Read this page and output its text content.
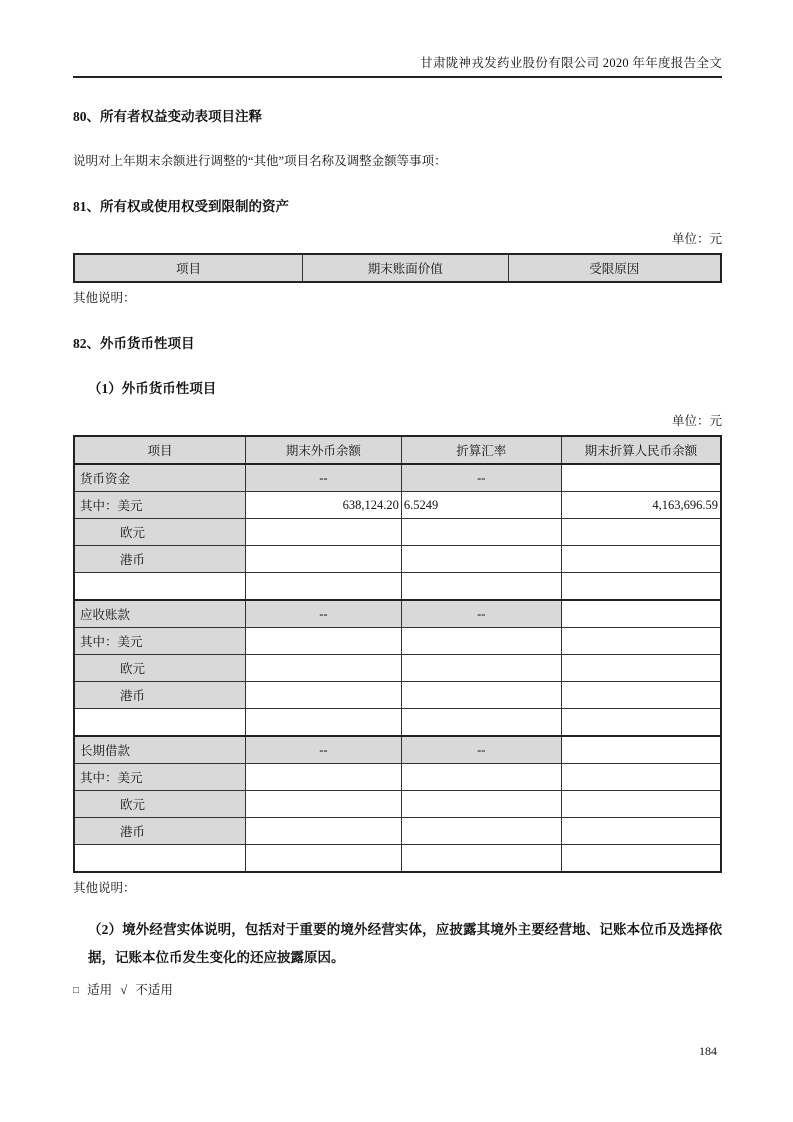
甘肃陇神戎发药业股份有限公司 2020 年年度报告全文
80、所有者权益变动表项目注释
说明对上年期末余额进行调整的“其他”项目名称及调整金额等事项：
81、所有权或使用权受到限制的资产
单位：元
项目	期末账面价值	受限原因
其他说明：
82、外币货币性项目
（1）外币货币性项目
单位：元
项目	期末外币余额	折算汇率	期末折算人民币余额
货币资金	--	--	
其中：美元	638,124.20	6.5249	4,163,696.59
欧元			
港币			

应收账款	--	--	
其中：美元			
欧元			
港币			

长期借款	--	--	
其中：美元			
欧元			
港币			

其他说明：
（2）境外经营实体说明，包括对于重要的境外经营实体，应披露其境外主要经营地、记账本位币及选择依据，记账本位币发生变化的还应披露原因。
□ 适用 √ 不适用
184
